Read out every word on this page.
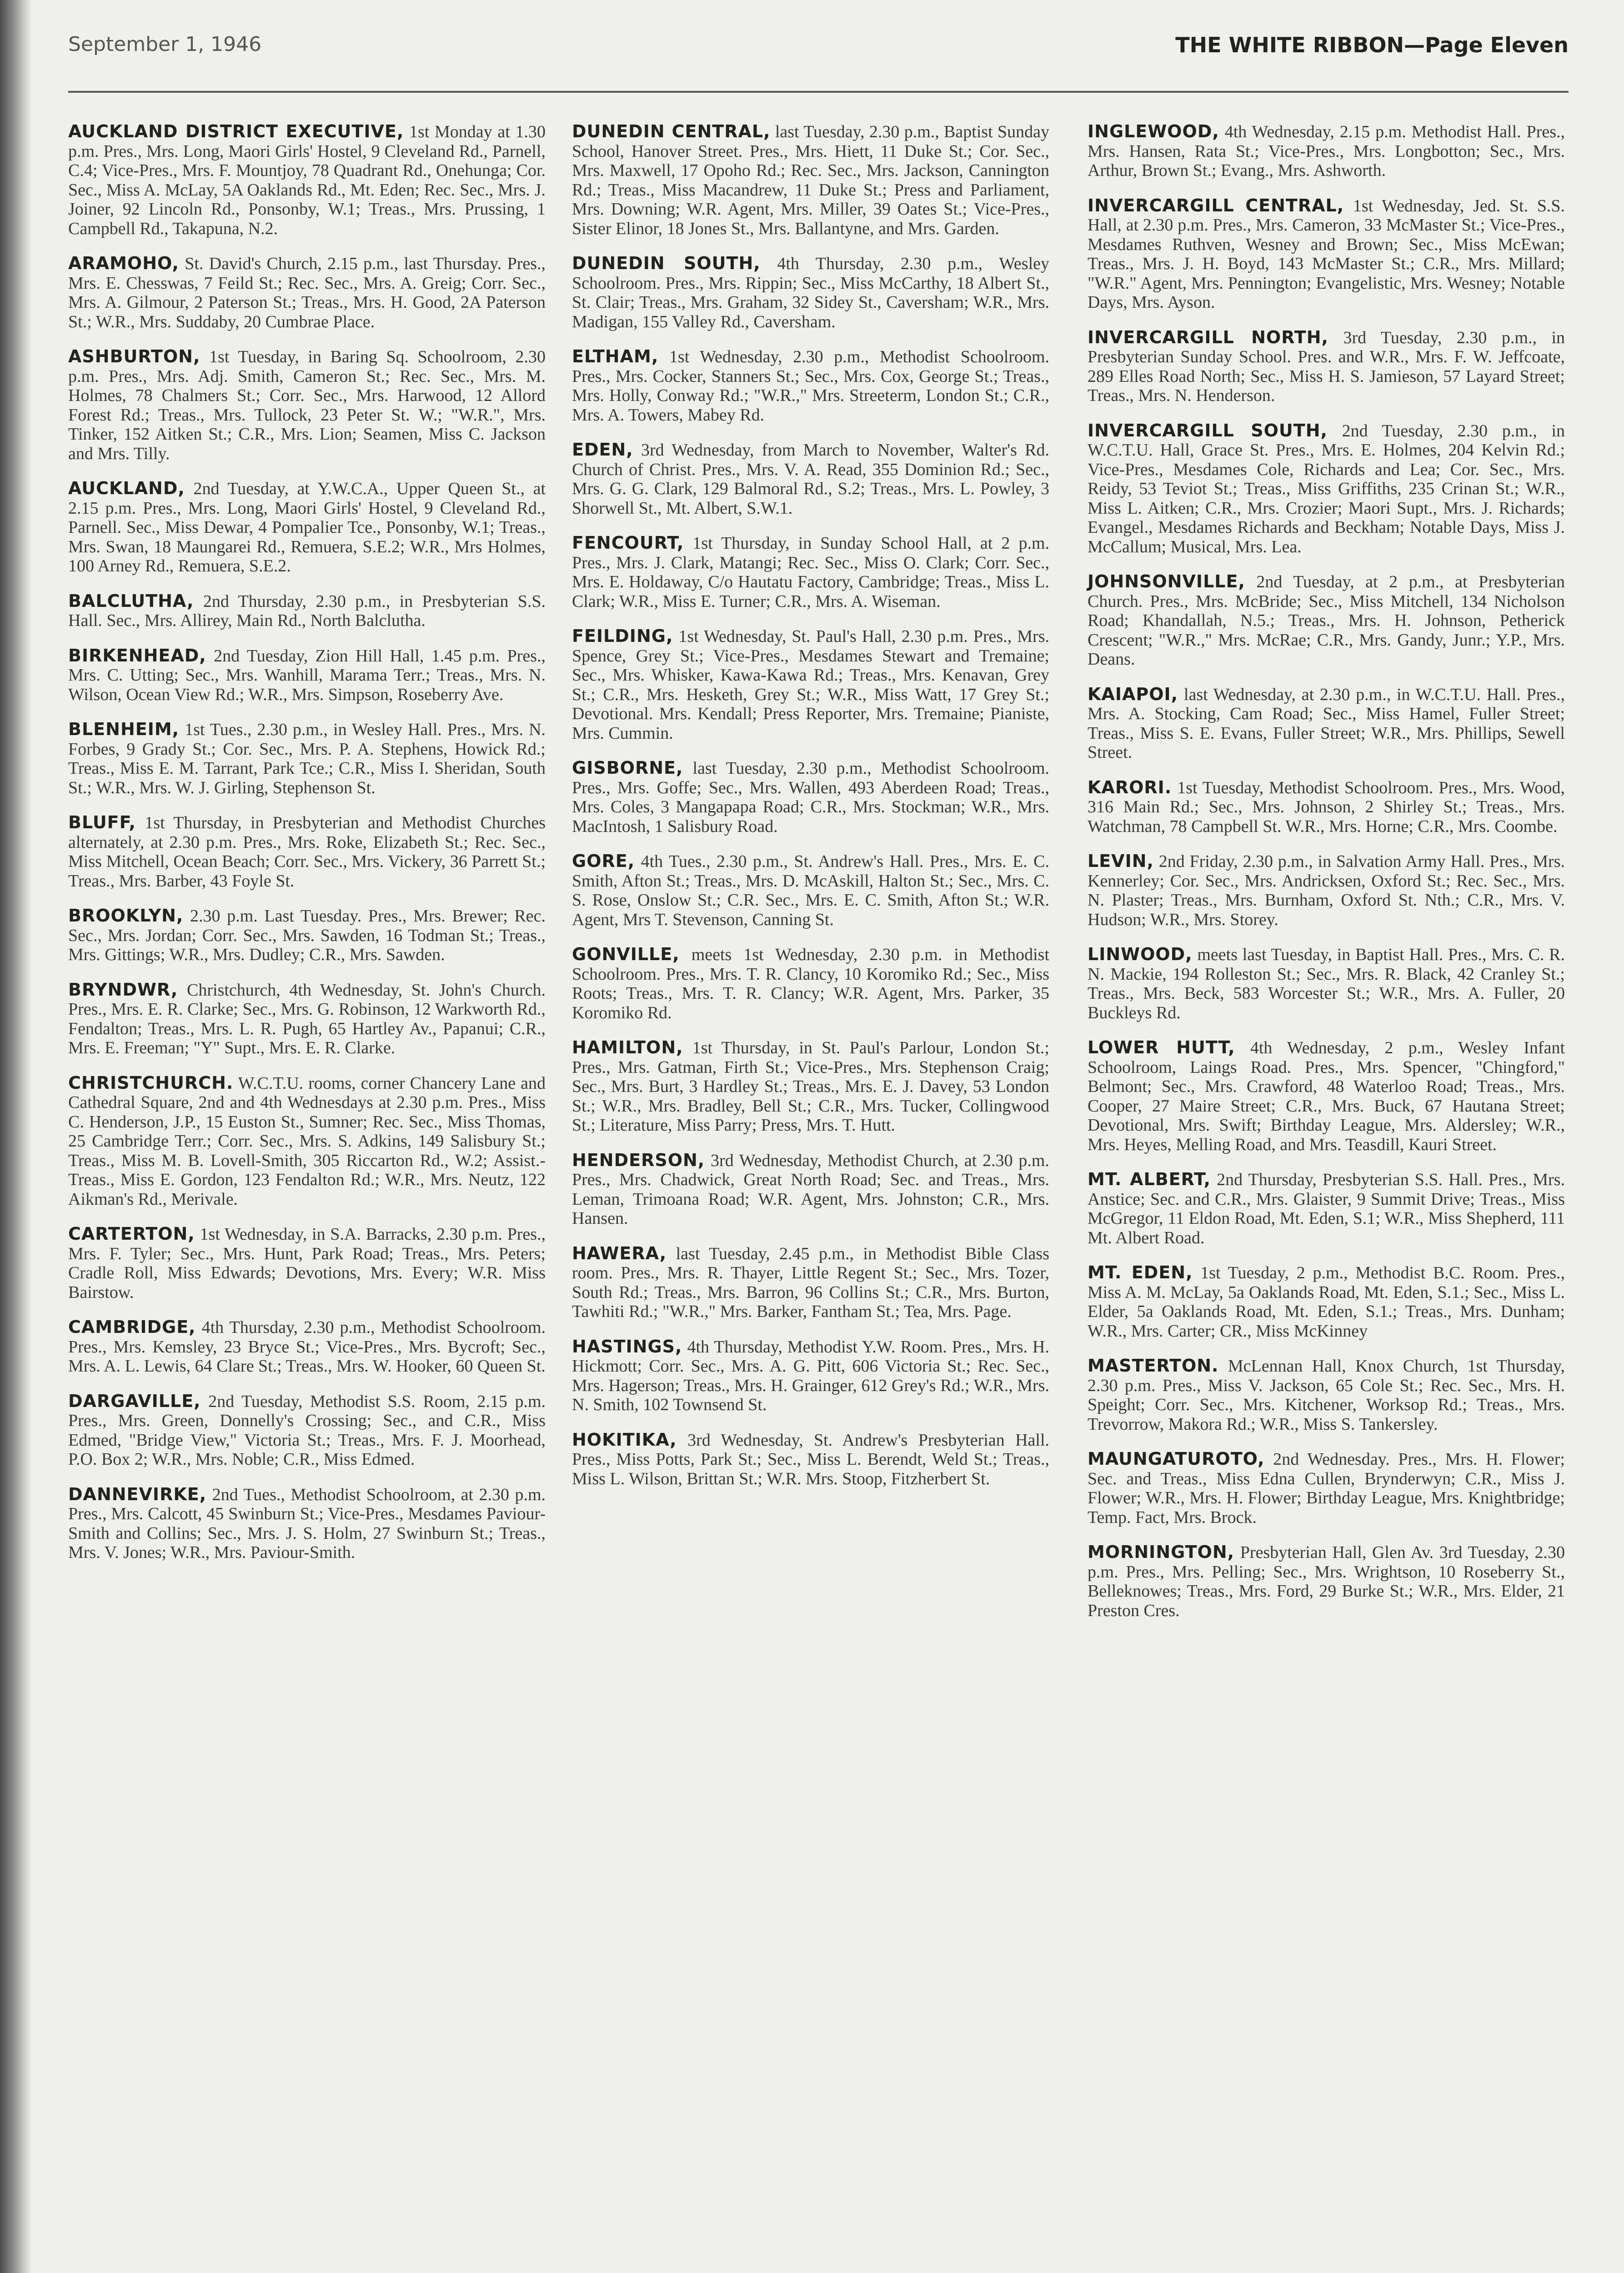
September 1, 1946	THE WHITE RIBBON—Page Eleven

AUCKLAND DISTRICT EXECUTIVE, 1st Monday at 1.30 p.m. Pres., Mrs. Long, Maori Girls' Hostel, 9 Cleveland Rd., Parnell, C.4; Vice-Pres., Mrs. F. Mountjoy, 78 Quadrant Rd., Onehunga; Cor. Sec., Miss A. McLay, 5A Oaklands Rd., Mt. Eden; Rec. Sec., Mrs. J. Joiner, 92 Lincoln Rd., Ponsonby, W.1; Treas., Mrs. Prussing, 1 Campbell Rd., Takapuna, N.2.

ARAMOHO, St. David's Church, 2.15 p.m., last Thursday. Pres., Mrs. E. Chesswas, 7 Feild St.; Rec. Sec., Mrs. A. Greig; Corr. Sec., Mrs. A. Gilmour, 2 Paterson St.; Treas., Mrs. H. Good, 2A Paterson St.; W.R., Mrs. Suddaby, 20 Cumbrae Place.

ASHBURTON, 1st Tuesday, in Baring Sq. Schoolroom, 2.30 p.m. Pres., Mrs. Adj. Smith, Cameron St.; Rec. Sec., Mrs. M. Holmes, 78 Chalmers St.; Corr. Sec., Mrs. Harwood, 12 Allord Forest Rd.; Treas., Mrs. Tullock, 23 Peter St. W.; "W.R.", Mrs. Tinker, 152 Aitken St.; C.R., Mrs. Lion; Seamen, Miss C. Jackson and Mrs. Tilly.

AUCKLAND, 2nd Tuesday, at Y.W.C.A., Upper Queen St., at 2.15 p.m. Pres., Mrs. Long, Maori Girls' Hostel, 9 Cleveland Rd., Parnell. Sec., Miss Dewar, 4 Pompalier Tce., Ponsonby, W.1; Treas., Mrs. Swan, 18 Maungarei Rd., Remuera, S.E.2; W.R., Mrs Holmes, 100 Arney Rd., Remuera, S.E.2.

BALCLUTHA, 2nd Thursday, 2.30 p.m., in Presbyterian S.S. Hall. Sec., Mrs. Allirey, Main Rd., North Balclutha.

BIRKENHEAD, 2nd Tuesday, Zion Hill Hall, 1.45 p.m. Pres., Mrs. C. Utting; Sec., Mrs. Wanhill, Marama Terr.; Treas., Mrs. N. Wilson, Ocean View Rd.; W.R., Mrs. Simpson, Roseberry Ave.

BLENHEIM, 1st Tues., 2.30 p.m., in Wesley Hall. Pres., Mrs. N. Forbes, 9 Grady St.; Cor. Sec., Mrs. P. A. Stephens, Howick Rd.; Treas., Miss E. M. Tarrant, Park Tce.; C.R., Miss I. Sheridan, South St.; W.R., Mrs. W. J. Girling, Stephenson St.

BLUFF, 1st Thursday, in Presbyterian and Methodist Churches alternately, at 2.30 p.m. Pres., Mrs. Roke, Elizabeth St.; Rec. Sec., Miss Mitchell, Ocean Beach; Corr. Sec., Mrs. Vickery, 36 Parrett St.; Treas., Mrs. Barber, 43 Foyle St.

BROOKLYN, 2.30 p.m. Last Tuesday. Pres., Mrs. Brewer; Rec. Sec., Mrs. Jordan; Corr. Sec., Mrs. Sawden, 16 Todman St.; Treas., Mrs. Gittings; W.R., Mrs. Dudley; C.R., Mrs. Sawden.

BRYNDWR, Christchurch, 4th Wednesday, St. John's Church. Pres., Mrs. E. R. Clarke; Sec., Mrs. G. Robinson, 12 Warkworth Rd., Fendalton; Treas., Mrs. L. R. Pugh, 65 Hartley Av., Papanui; C.R., Mrs. E. Freeman; "Y" Supt., Mrs. E. R. Clarke.

CHRISTCHURCH. W.C.T.U. rooms, corner Chancery Lane and Cathedral Square, 2nd and 4th Wednesdays at 2.30 p.m. Pres., Miss C. Henderson, J.P., 15 Euston St., Sumner; Rec. Sec., Miss Thomas, 25 Cambridge Terr.; Corr. Sec., Mrs. S. Adkins, 149 Salisbury St.; Treas., Miss M. B. Lovell-Smith, 305 Riccarton Rd., W.2; Assist.-Treas., Miss E. Gordon, 123 Fendalton Rd.; W.R., Mrs. Neutz, 122 Aikman's Rd., Merivale.

CARTERTON, 1st Wednesday, in S.A. Barracks, 2.30 p.m. Pres., Mrs. F. Tyler; Sec., Mrs. Hunt, Park Road; Treas., Mrs. Peters; Cradle Roll, Miss Edwards; Devotions, Mrs. Every; W.R. Miss Bairstow.

CAMBRIDGE, 4th Thursday, 2.30 p.m., Methodist Schoolroom. Pres., Mrs. Kemsley, 23 Bryce St.; Vice-Pres., Mrs. Bycroft; Sec., Mrs. A. L. Lewis, 64 Clare St.; Treas., Mrs. W. Hooker, 60 Queen St.

DARGAVILLE, 2nd Tuesday, Methodist S.S. Room, 2.15 p.m. Pres., Mrs. Green, Donnelly's Crossing; Sec., and C.R., Miss Edmed, "Bridge View," Victoria St.; Treas., Mrs. F. J. Moorhead, P.O. Box 2; W.R., Mrs. Noble; C.R., Miss Edmed.

DANNEVIRKE, 2nd Tues., Methodist Schoolroom, at 2.30 p.m. Pres., Mrs. Calcott, 45 Swinburn St.; Vice-Pres., Mesdames Paviour-Smith and Collins; Sec., Mrs. J. S. Holm, 27 Swinburn St.; Treas., Mrs. V. Jones; W.R., Mrs. Paviour-Smith.

DUNEDIN CENTRAL, last Tuesday, 2.30 p.m., Baptist Sunday School, Hanover Street. Pres., Mrs. Hiett, 11 Duke St.; Cor. Sec., Mrs. Maxwell, 17 Opoho Rd.; Rec. Sec., Mrs. Jackson, Cannington Rd.; Treas., Miss Macandrew, 11 Duke St.; Press and Parliament, Mrs. Downing; W.R. Agent, Mrs. Miller, 39 Oates St.; Vice-Pres., Sister Elinor, 18 Jones St., Mrs. Ballantyne, and Mrs. Garden.

DUNEDIN SOUTH, 4th Thursday, 2.30 p.m., Wesley Schoolroom. Pres., Mrs. Rippin; Sec., Miss McCarthy, 18 Albert St., St. Clair; Treas., Mrs. Graham, 32 Sidey St., Caversham; W.R., Mrs. Madigan, 155 Valley Rd., Caversham.

ELTHAM, 1st Wednesday, 2.30 p.m., Methodist Schoolroom. Pres., Mrs. Cocker, Stanners St.; Sec., Mrs. Cox, George St.; Treas., Mrs. Holly, Conway Rd.; "W.R.," Mrs. Streeterm, London St.; C.R., Mrs. A. Towers, Mabey Rd.

EDEN, 3rd Wednesday, from March to November, Walter's Rd. Church of Christ. Pres., Mrs. V. A. Read, 355 Dominion Rd.; Sec., Mrs. G. G. Clark, 129 Balmoral Rd., S.2; Treas., Mrs. L. Powley, 3 Shorwell St., Mt. Albert, S.W.1.

FENCOURT, 1st Thursday, in Sunday School Hall, at 2 p.m. Pres., Mrs. J. Clark, Matangi; Rec. Sec., Miss O. Clark; Corr. Sec., Mrs. E. Holdaway, C/o Hautatu Factory, Cambridge; Treas., Miss L. Clark; W.R., Miss E. Turner; C.R., Mrs. A. Wiseman.

FEILDING, 1st Wednesday, St. Paul's Hall, 2.30 p.m. Pres., Mrs. Spence, Grey St.; Vice-Pres., Mesdames Stewart and Tremaine; Sec., Mrs. Whisker, Kawa-Kawa Rd.; Treas., Mrs. Kenavan, Grey St.; C.R., Mrs. Hesketh, Grey St.; W.R., Miss Watt, 17 Grey St.; Devotional. Mrs. Kendall; Press Reporter, Mrs. Tremaine; Pianiste, Mrs. Cummin.

GISBORNE, last Tuesday, 2.30 p.m., Methodist Schoolroom. Pres., Mrs. Goffe; Sec., Mrs. Wallen, 493 Aberdeen Road; Treas., Mrs. Coles, 3 Mangapapa Road; C.R., Mrs. Stockman; W.R., Mrs. MacIntosh, 1 Salisbury Road.

GORE, 4th Tues., 2.30 p.m., St. Andrew's Hall. Pres., Mrs. E. C. Smith, Afton St.; Treas., Mrs. D. McAskill, Halton St.; Sec., Mrs. C. S. Rose, Onslow St.; C.R. Sec., Mrs. E. C. Smith, Afton St.; W.R. Agent, Mrs T. Stevenson, Canning St.

GONVILLE, meets 1st Wednesday, 2.30 p.m. in Methodist Schoolroom. Pres., Mrs. T. R. Clancy, 10 Koromiko Rd.; Sec., Miss Roots; Treas., Mrs. T. R. Clancy; W.R. Agent, Mrs. Parker, 35 Koromiko Rd.

HAMILTON, 1st Thursday, in St. Paul's Parlour, London St.; Pres., Mrs. Gatman, Firth St.; Vice-Pres., Mrs. Stephenson Craig; Sec., Mrs. Burt, 3 Hardley St.; Treas., Mrs. E. J. Davey, 53 London St.; W.R., Mrs. Bradley, Bell St.; C.R., Mrs. Tucker, Collingwood St.; Literature, Miss Parry; Press, Mrs. T. Hutt.

HENDERSON, 3rd Wednesday, Methodist Church, at 2.30 p.m. Pres., Mrs. Chadwick, Great North Road; Sec. and Treas., Mrs. Leman, Trimoana Road; W.R. Agent, Mrs. Johnston; C.R., Mrs. Hansen.

HAWERA, last Tuesday, 2.45 p.m., in Methodist Bible Class room. Pres., Mrs. R. Thayer, Little Regent St.; Sec., Mrs. Tozer, South Rd.; Treas., Mrs. Barron, 96 Collins St.; C.R., Mrs. Burton, Tawhiti Rd.; "W.R.," Mrs. Barker, Fantham St.; Tea, Mrs. Page.

HASTINGS, 4th Thursday, Methodist Y.W. Room. Pres., Mrs. H. Hickmott; Corr. Sec., Mrs. A. G. Pitt, 606 Victoria St.; Rec. Sec., Mrs. Hagerson; Treas., Mrs. H. Grainger, 612 Grey's Rd.; W.R., Mrs. N. Smith, 102 Townsend St.

HOKITIKA, 3rd Wednesday, St. Andrew's Presbyterian Hall. Pres., Miss Potts, Park St.; Sec., Miss L. Berendt, Weld St.; Treas., Miss L. Wilson, Brittan St.; W.R. Mrs. Stoop, Fitzherbert St.

INGLEWOOD, 4th Wednesday, 2.15 p.m. Methodist Hall. Pres., Mrs. Hansen, Rata St.; Vice-Pres., Mrs. Longbotton; Sec., Mrs. Arthur, Brown St.; Evang., Mrs. Ashworth.

INVERCARGILL CENTRAL, 1st Wednesday, Jed. St. S.S. Hall, at 2.30 p.m. Pres., Mrs. Cameron, 33 McMaster St.; Vice-Pres., Mesdames Ruthven, Wesney and Brown; Sec., Miss McEwan; Treas., Mrs. J. H. Boyd, 143 McMaster St.; C.R., Mrs. Millard; "W.R." Agent, Mrs. Pennington; Evangelistic, Mrs. Wesney; Notable Days, Mrs. Ayson.

INVERCARGILL NORTH, 3rd Tuesday, 2.30 p.m., in Presbyterian Sunday School. Pres. and W.R., Mrs. F. W. Jeffcoate, 289 Elles Road North; Sec., Miss H. S. Jamieson, 57 Layard Street; Treas., Mrs. N. Henderson.

INVERCARGILL SOUTH, 2nd Tuesday, 2.30 p.m., in W.C.T.U. Hall, Grace St. Pres., Mrs. E. Holmes, 204 Kelvin Rd.; Vice-Pres., Mesdames Cole, Richards and Lea; Cor. Sec., Mrs. Reidy, 53 Teviot St.; Treas., Miss Griffiths, 235 Crinan St.; W.R., Miss L. Aitken; C.R., Mrs. Crozier; Maori Supt., Mrs. J. Richards; Evangel., Mesdames Richards and Beckham; Notable Days, Miss J. McCallum; Musical, Mrs. Lea.

JOHNSONVILLE, 2nd Tuesday, at 2 p.m., at Presbyterian Church. Pres., Mrs. McBride; Sec., Miss Mitchell, 134 Nicholson Road; Khandallah, N.5.; Treas., Mrs. H. Johnson, Petherick Crescent; "W.R.," Mrs. McRae; C.R., Mrs. Gandy, Junr.; Y.P., Mrs. Deans.

KAIAPOI, last Wednesday, at 2.30 p.m., in W.C.T.U. Hall. Pres., Mrs. A. Stocking, Cam Road; Sec., Miss Hamel, Fuller Street; Treas., Miss S. E. Evans, Fuller Street; W.R., Mrs. Phillips, Sewell Street.

KARORI. 1st Tuesday, Methodist Schoolroom. Pres., Mrs. Wood, 316 Main Rd.; Sec., Mrs. Johnson, 2 Shirley St.; Treas., Mrs. Watchman, 78 Campbell St. W.R., Mrs. Horne; C.R., Mrs. Coombe.

LEVIN, 2nd Friday, 2.30 p.m., in Salvation Army Hall. Pres., Mrs. Kennerley; Cor. Sec., Mrs. Andricksen, Oxford St.; Rec. Sec., Mrs. N. Plaster; Treas., Mrs. Burnham, Oxford St. Nth.; C.R., Mrs. V. Hudson; W.R., Mrs. Storey.

LINWOOD, meets last Tuesday, in Baptist Hall. Pres., Mrs. C. R. N. Mackie, 194 Rolleston St.; Sec., Mrs. R. Black, 42 Cranley St.; Treas., Mrs. Beck, 583 Worcester St.; W.R., Mrs. A. Fuller, 20 Buckleys Rd.

LOWER HUTT, 4th Wednesday, 2 p.m., Wesley Infant Schoolroom, Laings Road. Pres., Mrs. Spencer, "Chingford," Belmont; Sec., Mrs. Crawford, 48 Waterloo Road; Treas., Mrs. Cooper, 27 Maire Street; C.R., Mrs. Buck, 67 Hautana Street; Devotional, Mrs. Swift; Birthday League, Mrs. Aldersley; W.R., Mrs. Heyes, Melling Road, and Mrs. Teasdill, Kauri Street.

MT. ALBERT, 2nd Thursday, Presbyterian S.S. Hall. Pres., Mrs. Anstice; Sec. and C.R., Mrs. Glaister, 9 Summit Drive; Treas., Miss McGregor, 11 Eldon Road, Mt. Eden, S.1; W.R., Miss Shepherd, 111 Mt. Albert Road.

MT. EDEN, 1st Tuesday, 2 p.m., Methodist B.C. Room. Pres., Miss A. M. McLay, 5a Oaklands Road, Mt. Eden, S.1.; Sec., Miss L. Elder, 5a Oaklands Road, Mt. Eden, S.1.; Treas., Mrs. Dunham; W.R., Mrs. Carter; CR., Miss McKinney

MASTERTON. McLennan Hall, Knox Church, 1st Thursday, 2.30 p.m. Pres., Miss V. Jackson, 65 Cole St.; Rec. Sec., Mrs. H. Speight; Corr. Sec., Mrs. Kitchener, Worksop Rd.; Treas., Mrs. Trevorrow, Makora Rd.; W.R., Miss S. Tankersley.

MAUNGATUROTO, 2nd Wednesday. Pres., Mrs. H. Flower; Sec. and Treas., Miss Edna Cullen, Brynderwyn; C.R., Miss J. Flower; W.R., Mrs. H. Flower; Birthday League, Mrs. Knightbridge; Temp. Fact, Mrs. Brock.

MORNINGTON, Presbyterian Hall, Glen Av. 3rd Tuesday, 2.30 p.m. Pres., Mrs. Pelling; Sec., Mrs. Wrightson, 10 Roseberry St., Belleknowes; Treas., Mrs. Ford, 29 Burke St.; W.R., Mrs. Elder, 21 Preston Cres.
